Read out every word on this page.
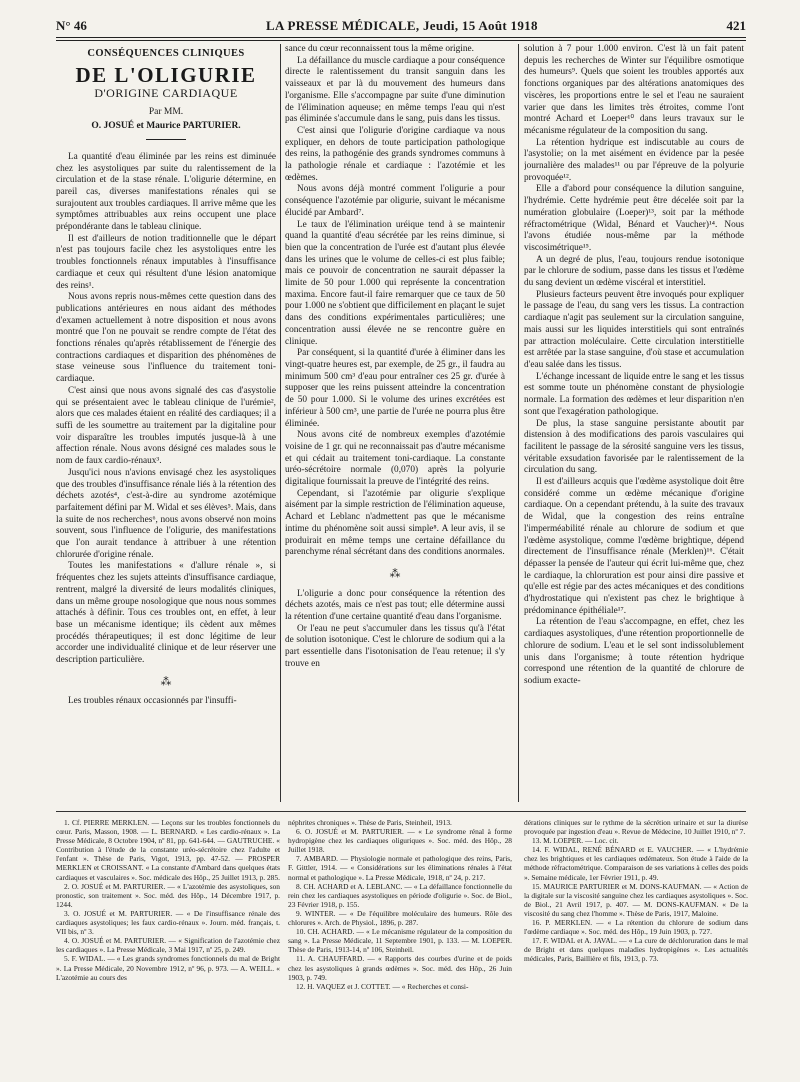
N° 46	LA PRESSE MÉDICALE, Jeudi, 15 Août 1918	421
CONSÉQUENCES CLINIQUES
DE L'OLIGURIE
D'ORIGINE CARDIAQUE
Par MM.
O. JOSUÉ et Maurice PARTURIER.

La quantité d'eau éliminée par les reins est diminuée chez les asystoliques par suite du ralentissement de la circulation et de la stase rénale. L'oligurie détermine, en pareil cas, diverses manifestations rénales qui se surajoutent aux troubles cardiaques. Il arrive même que les symptômes attribuables aux reins occupent une place prépondérante dans le tableau clinique.

Il est d'ailleurs de notion traditionnelle que le départ n'est pas toujours facile chez les asystoliques entre les troubles fonctionnels rénaux imputables à l'insuffisance cardiaque et ceux qui résultent d'une lésion anatomique des reins¹.

Nous avons repris nous-mêmes cette question dans des publications antérieures en nous aidant des méthodes d'examen actuellement à notre disposition et nous avons montré que l'on ne pouvait se rendre compte de l'état des fonctions rénales qu'après rétablissement de l'énergie des contractions cardiaques et disparition des phénomènes de stase veineuse sous l'influence du traitement toni-cardiaque.

C'est ainsi que nous avons signalé des cas d'asystolie qui se présentaient avec le tableau clinique de l'urémie², alors que ces malades étaient en réalité des cardiaques; il a suffi de les soumettre au traitement par la digitaline pour voir disparaître les troubles imputés jusque-là à une affection rénale. Nous avons désigné ces malades sous le nom de faux cardio-rénaux³.

Jusqu'ici nous n'avions envisagé chez les asystoliques que des troubles d'insuffisance rénale liés à la rétention des déchets azotés⁴, c'est-à-dire au syndrome azotémique parfaitement défini par M. Widal et ses élèves⁵. Mais, dans la suite de nos recherches⁶, nous avons observé non moins souvent, sous l'influence de l'oligurie, des manifestations que l'on aurait tendance à attribuer à une rétention chlorurée d'origine rénale.

Toutes les manifestations « d'allure rénale », si fréquentes chez les sujets atteints d'insuffisance cardiaque, rentrent, malgré la diversité de leurs modalités cliniques, dans un même groupe nosologique que nous nous sommes attachés à définir. Tous ces troubles ont, en effet, à leur base un mécanisme identique; ils cèdent aux mêmes procédés thérapeutiques; il est donc légitime de leur accorder une individualité clinique et de leur réserver une description particulière.

⁂

Les troubles rénaux occasionnés par l'insuffi-

sance du cœur reconnaissent tous la même origine.

La défaillance du muscle cardiaque a pour conséquence directe le ralentissement du transit sanguin dans les vaisseaux et par là du mouvement des humeurs dans l'organisme. Elle s'accompagne par suite d'une diminution de l'élimination aqueuse; en même temps l'eau qui n'est pas éliminée s'accumule dans le sang, puis dans les tissus.

C'est ainsi que l'oligurie d'origine cardiaque va nous expliquer, en dehors de toute participation pathologique des reins, la pathogénie des grands syndromes communs à la pathologie rénale et cardiaque : l'azotémie et les œdèmes.

Nous avons déjà montré comment l'oligurie a pour conséquence l'azotémie par oligurie, suivant le mécanisme élucidé par Ambard⁷.

Le taux de l'élimination uréique tend à se maintenir quand la quantité d'eau sécrétée par les reins diminue, si bien que la concentration de l'urée est d'autant plus élevée dans les urines que le volume de celles-ci est plus faible; mais ce pouvoir de concentration ne saurait dépasser la limite de 50 pour 1.000 qui représente la concentration maxima. Encore faut-il faire remarquer que ce taux de 50 pour 1.000 ne s'obtient que difficilement en plaçant le sujet dans des conditions expérimentales particulières; une concentration aussi élevée ne se rencontre guère en clinique.

Par conséquent, si la quantité d'urée à éliminer dans les vingt-quatre heures est, par exemple, de 25 gr., il faudra au minimum 500 cm³ d'eau pour entraîner ces 25 gr. d'urée à supposer que les reins puissent atteindre la concentration de 50 pour 1.000. Si le volume des urines excrétées est inférieur à 500 cm³, une partie de l'urée ne pourra plus être éliminée.

Nous avons cité de nombreux exemples d'azotémie voisine de 1 gr. qui ne reconnaissait pas d'autre mécanisme et qui cédait au traitement toni-cardiaque. La constante uréo-sécrétoire normale (0,070) après la polyurie digitalique fournissait la preuve de l'intégrité des reins.

Cependant, si l'azotémie par oligurie s'explique aisément par la simple restriction de l'élimination aqueuse, Achard et Leblanc n'admettent pas que le mécanisme intime du phénomène soit aussi simple⁸. A leur avis, il se produirait en même temps une certaine défaillance du parenchyme rénal sécrétant dans des conditions anormales.

⁂

L'oligurie a donc pour conséquence la rétention des déchets azotés, mais ce n'est pas tout; elle détermine aussi la rétention d'une certaine quantité d'eau dans l'organisme.

Or l'eau ne peut s'accumuler dans les tissus qu'à l'état de solution isotonique. C'est le chlorure de sodium qui a la part essentielle dans l'isotonisation de l'eau retenue; il s'y trouve en

solution à 7 pour 1.000 environ. C'est là un fait patent depuis les recherches de Winter sur l'équilibre osmotique des humeurs⁹. Quels que soient les troubles apportés aux fonctions organiques par des altérations anatomiques des viscères, les proportions entre le sel et l'eau ne sauraient varier que dans les limites très étroites, comme l'ont montré Achard et Loeper¹⁰ dans leurs travaux sur le mécanisme régulateur de la composition du sang.

La rétention hydrique est indiscutable au cours de l'asystolie; on la met aisément en évidence par la pesée journalière des malades¹¹ ou par l'épreuve de la polyurie provoquée¹².

Elle a d'abord pour conséquence la dilution sanguine, l'hydrémie. Cette hydrémie peut être décelée soit par la numération globulaire (Loeper)¹³, soit par la méthode réfractométrique (Widal, Bénard et Vaucher)¹⁴. Nous l'avons étudiée nous-même par la méthode viscosimétrique¹⁵.

A un degré de plus, l'eau, toujours rendue isotonique par le chlorure de sodium, passe dans les tissus et l'œdème du sang devient un œdème viscéral et interstitiel.

Plusieurs facteurs peuvent être invoqués pour expliquer le passage de l'eau, du sang vers les tissus. La contraction cardiaque n'agit pas seulement sur la circulation sanguine, mais aussi sur les liquides interstitiels qui sont entraînés par attraction moléculaire. Cette circulation interstitielle est arrêtée par la stase sanguine, d'où stase et accumulation d'eau salée dans les tissus.

L'échange incessant de liquide entre le sang et les tissus est somme toute un phénomène constant de physiologie normale. La formation des œdèmes et leur disparition n'en sont que l'exagération pathologique.

De plus, la stase sanguine persistante aboutit par distension à des modifications des parois vasculaires qui facilitent le passage de la sérosité sanguine vers les tissus, véritable exsudation favorisée par le ralentissement de la circulation du sang.

Il est d'ailleurs acquis que l'œdème asystolique doit être considéré comme un œdème mécanique d'origine cardiaque. On a cependant prétendu, à la suite des travaux de Widal, que la congestion des reins entraîne l'imperméabilité rénale au chlorure de sodium et que l'œdème asystolique, comme l'œdème brightique, dépend directement de l'insuffisance rénale (Merklen)¹⁶. C'était dépasser la pensée de l'auteur qui écrit lui-même que, chez le cardiaque, la chloruration est pour ainsi dire passive et qu'elle est régie par des actes mécaniques et des conditions d'hydrostatique qui n'existent pas chez le brightique à prédominance épithéliale¹⁷.

La rétention de l'eau s'accompagne, en effet, chez les cardiaques asystoliques, d'une rétention proportionnelle de chlorure de sodium. L'eau et le sel sont indissolublement unis dans l'organisme; à toute rétention hydrique correspond une rétention de la quantité de chlorure de sodium exacte-

1. Cf. PIERRE MERKLEN. — Leçons sur les troubles fonctionnels du cœur. Paris, Masson, 1908. — L. BERNARD. « Les cardio-rénaux ». La Presse Médicale, 8 Octobre 1904, nº 81, pp. 641-644. — GAUTRUCHE. « Contribution à l'étude de la constante uréo-sécrétoire chez l'adulte et l'enfant ». Thèse de Paris, Vigot, 1913, pp. 47-52. — PROSPER MERKLEN et CROISSANT. « La constante d'Ambard dans quelques états cardiaques et vasculaires ». Soc. médicale des Hôp., 25 Juillet 1913, p. 285.

2. O. JOSUÉ et M. PARTURIER. — « L'azotémie des asystoliques, son pronostic, son traitement ». Soc. méd. des Hôp., 14 Décembre 1917, p. 1244.

3. O. JOSUÉ et M. PARTURIER. — « De l'insuffisance rénale des cardiaques asystoliques; les faux cardio-rénaux ». Journ. méd. français, t. VII bis, nº 3.

4. O. JOSUÉ et M. PARTURIER. — « Signification de l'azotémie chez les cardiaques ». La Presse Médicale, 3 Mai 1917, nº 25, p. 249.

5. F. WIDAL. — « Les grands syndromes fonctionnels du mal de Bright ». La Presse Médicale, 20 Novembre 1912, nº 96, p. 973. — A. WEILL. « L'azotémie au cours des

néphrites chroniques ». Thèse de Paris, Steinheil, 1913.

6. O. JOSUÉ et M. PARTURIER. — « Le syndrome rénal à forme hydropigène chez les cardiaques oliguriques ». Soc. méd. des Hôp., 28 Juillet 1918.

7. AMBARD. — Physiologie normale et pathologique des reins, Paris, F. Gittler, 1914. — « Considérations sur les éliminations rénales à l'état normal et pathologique ». La Presse Médicale, 1918, nº 24, p. 217.

8. CH. ACHARD et A. LEBLANC. — « La défaillance fonctionnelle du rein chez les cardiaques asystoliques en période d'oligurie ». Soc. de Biol., 23 Février 1918, p. 155.

9. WINTER. — « De l'équilibre moléculaire des humeurs. Rôle des chlorures ». Arch. de Physiol., 1896, p. 287.

10. CH. ACHARD. — « Le mécanisme régulateur de la composition du sang ». La Presse Médicale, 11 Septembre 1901, p. 133. — M. LOEPER. Thèse de Paris, 1913-14, nº 106, Steinheil.

11. A. CHAUFFARD. — « Rapports des courbes d'urine et de poids chez les asystoliques à grands œdèmes ». Soc. méd. des Hôp., 26 Juin 1903, p. 749.

12. H. VAQUEZ et J. COTTET. — « Recherches et consi-

dérations cliniques sur le rythme de la sécrétion urinaire et sur la diurèse provoquée par ingestion d'eau ». Revue de Médecine, 10 Juillet 1910, nº 7.

13. M. LOEPER. — Loc. cit.

14. F. WIDAL, RENÉ BÉNARD et E. VAUCHER. — « L'hydrémie chez les brightiques et les cardiaques œdémateux. Son étude à l'aide de la méthode réfractométrique. Comparaison de ses variations à celles des poids ». Semaine médicale, 1er Février 1911, p. 49.

15. MAURICE PARTURIER et M. DONS-KAUFMAN. — « Action de la digitale sur la viscosité sanguine chez les cardiaques asystoliques ». Soc. de Biol., 21 Avril 1917, p. 407. — M. DONS-KAUFMAN. « De la viscosité du sang chez l'homme ». Thèse de Paris, 1917, Maloine.

16. P. MERKLEN. — « La rétention du chlorure de sodium dans l'œdème cardiaque ». Soc. méd. des Hôp., 19 Juin 1903, p. 727.

17. F. WIDAL et A. JAVAL. — « La cure de déchloruration dans le mal de Bright et dans quelques maladies hydropigènes ». Les actualités médicales, Paris, Baillière et fils, 1913, p. 73.
